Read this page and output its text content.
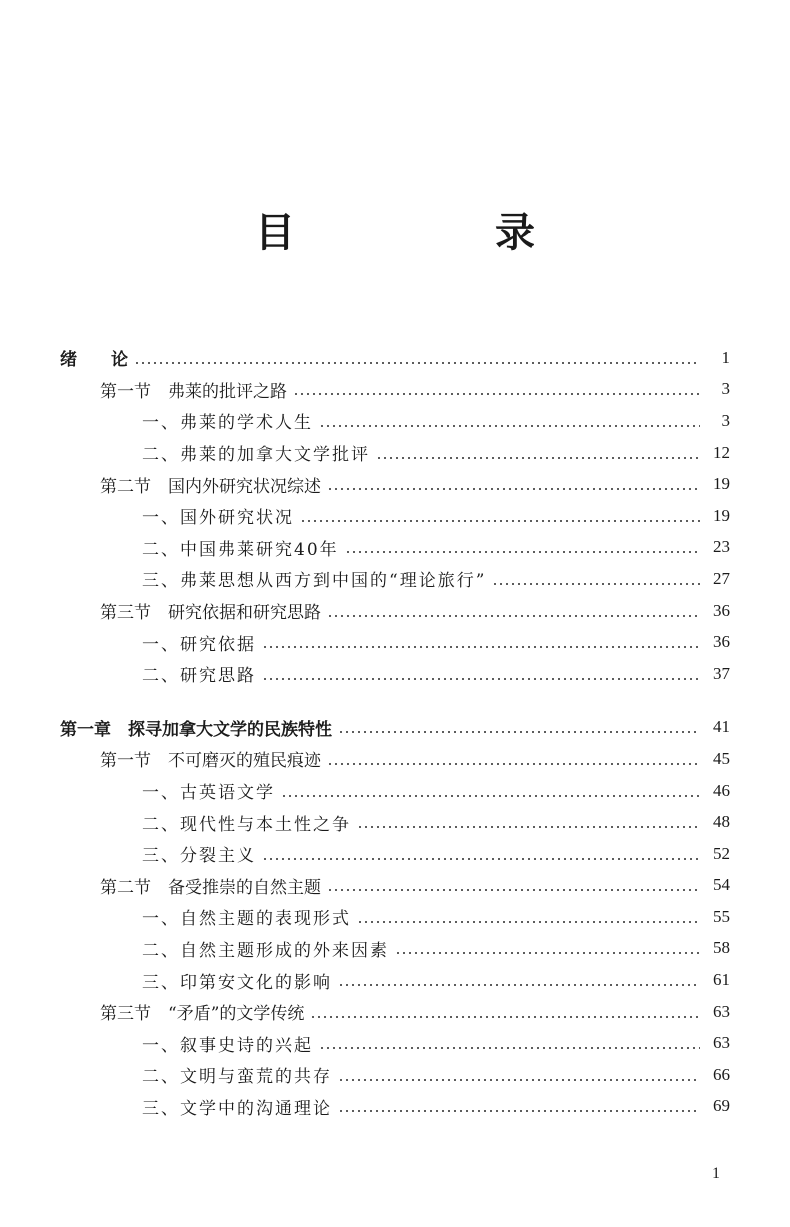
目　录
绪　　论	1
第一节　弗莱的批评之路	3
一、弗莱的学术人生	3
二、弗莱的加拿大文学批评	12
第二节　国内外研究状况综述	19
一、国外研究状况	19
二、中国弗莱研究40年	23
三、弗莱思想从西方到中国的“理论旅行”	27
第三节　研究依据和研究思路	36
一、研究依据	36
二、研究思路	37
第一章　探寻加拿大文学的民族特性	41
第一节　不可磨灭的殖民痕迹	45
一、古英语文学	46
二、现代性与本土性之争	48
三、分裂主义	52
第二节　备受推崇的自然主题	54
一、自然主题的表现形式	55
二、自然主题形成的外来因素	58
三、印第安文化的影响	61
第三节　“矛盾”的文学传统	63
一、叙事史诗的兴起	63
二、文明与蛮荒的共存	66
三、文学中的沟通理论	69
1
